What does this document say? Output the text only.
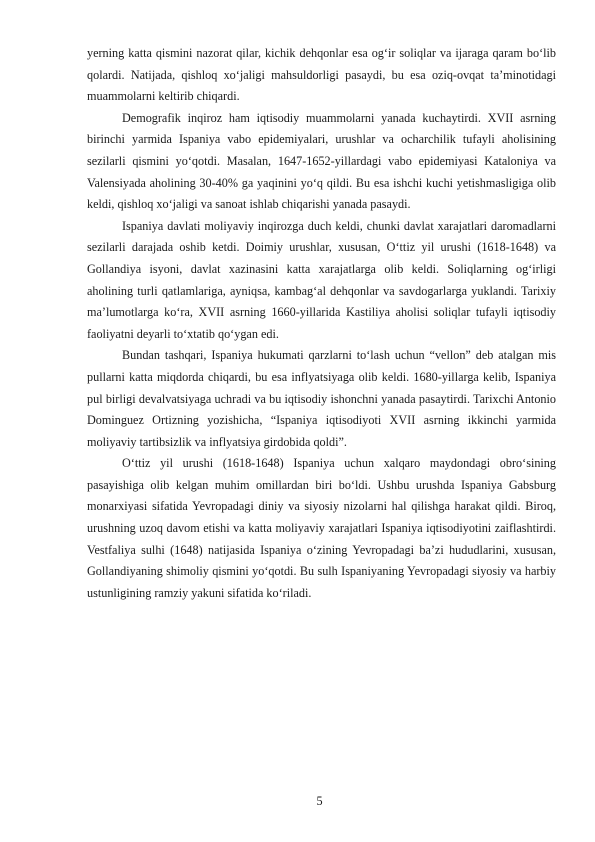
yerning katta qismini nazorat qilar, kichik dehqonlar esa og‘ir soliqlar va ijaraga qaram bo‘lib qolardi. Natijada, qishloq xo‘jaligi mahsuldorligi pasaydi, bu esa oziq-ovqat ta’minotidagi muammolarni keltirib chiqardi.

Demografik inqiroz ham iqtisodiy muammolarni yanada kuchaytirdi. XVII asrning birinchi yarmida Ispaniya vabo epidemiyalari, urushlar va ocharchilik tufayli aholisining sezilarli qismini yo‘qotdi. Masalan, 1647-1652-yillardagi vabo epidemiyasi Kataloniya va Valensiyada aholining 30-40% ga yaqinini yo‘q qildi. Bu esa ishchi kuchi yetishmasligiga olib keldi, qishloq xo‘jaligi va sanoat ishlab chiqarishi yanada pasaydi.

Ispaniya davlati moliyaviy inqirozga duch keldi, chunki davlat xarajatlari daromadlarni sezilarli darajada oshib ketdi. Doimiy urushlar, xususan, O‘ttiz yil urushi (1618-1648) va Gollandiya isyoni, davlat xazinasini katta xarajatlarga olib keldi. Soliqlarning og‘irligi aholining turli qatlamlariga, ayniqsa, kambag‘al dehqonlar va savdogarlarga yuklandi. Tarixiy ma’lumotlarga ko‘ra, XVII asrning 1660-yillarida Kastiliya aholisi soliqlar tufayli iqtisodiy faoliyatni deyarli to‘xtatib qo‘ygan edi.

Bundan tashqari, Ispaniya hukumati qarzlarni to‘lash uchun “vellon” deb atalgan mis pullarni katta miqdorda chiqardi, bu esa inflyatsiyaga olib keldi. 1680-yillarga kelib, Ispaniya pul birligi devalvatsiyaga uchradi va bu iqtisodiy ishonchni yanada pasaytirdi. Tarixchi Antonio Dominguez Ortizning yozishicha, “Ispaniya iqtisodiyoti XVII asrning ikkinchi yarmida moliyaviy tartibsizlik va inflyatsiya girdobida qoldi”.

O‘ttiz yil urushi (1618-1648) Ispaniya uchun xalqaro maydondagi obro‘sining pasayishiga olib kelgan muhim omillardan biri bo‘ldi. Ushbu urushda Ispaniya Gabsburg monarxiyasi sifatida Yevropadagi diniy va siyosiy nizolarni hal qilishga harakat qildi. Biroq, urushning uzoq davom etishi va katta moliyaviy xarajatlari Ispaniya iqtisodiyotini zaiflashtirdi. Vestfaliya sulhi (1648) natijasida Ispaniya o‘zining Yevropadagi ba’zi hududlarini, xususan, Gollandiyaning shimoliy qismini yo‘qotdi. Bu sulh Ispaniyaning Yevropadagi siyosiy va harbiy ustunligining ramziy yakuni sifatida ko‘riladi.

5
